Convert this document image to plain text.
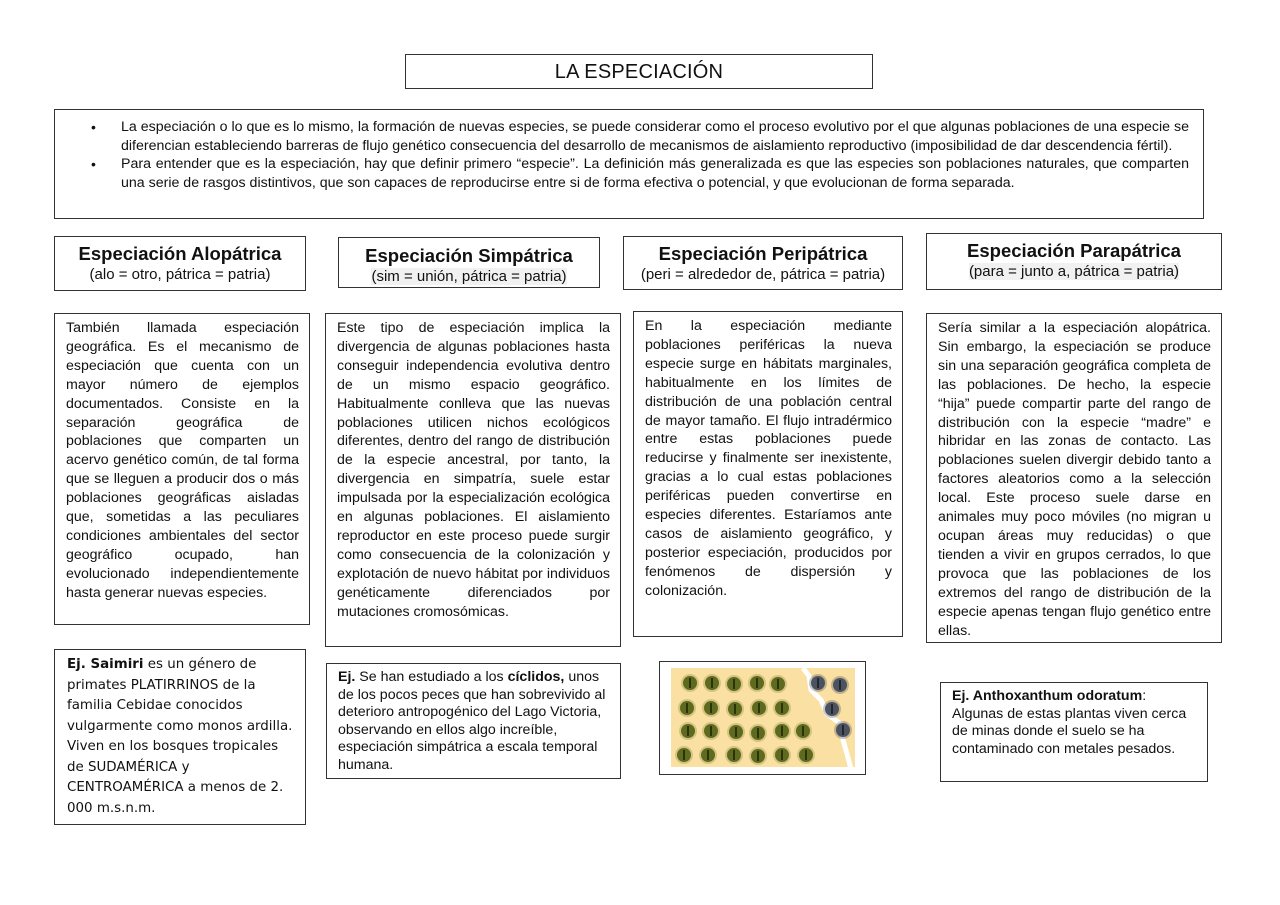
LA ESPECIACIÓN
• La especiación o lo que es lo mismo, la formación de nuevas especies, se puede considerar como el proceso evolutivo por el que algunas poblaciones de una especie se diferencian estableciendo barreras de flujo genético consecuencia del desarrollo de mecanismos de aislamiento reproductivo (imposibilidad de dar descendencia fértil).
• Para entender que es la especiación, hay que definir primero “especie”. La definición más generalizada es que las especies son poblaciones naturales, que comparten una serie de rasgos distintivos, que son capaces de reproducirse entre si de forma efectiva o potencial, y que evolucionan de forma separada.
Especiación Alopátrica
(alo = otro, pátrica = patria)
Especiación Simpátrica
(sim = unión, pátrica = patria)
Especiación Peripátrica
(peri = alrededor de, pátrica = patria)
Especiación Parapátrica
(para = junto a, pátrica = patria)

También llamada especiación geográfica. Es el mecanismo de especiación que cuenta con un mayor número de ejemplos documentados. Consiste en la separación geográfica de poblaciones que comparten un acervo genético común, de tal forma que se lleguen a producir dos o más poblaciones geográficas aisladas que, sometidas a las peculiares condiciones ambientales del sector geográfico ocupado, han evolucionado independientemente hasta generar nuevas especies.

Este tipo de especiación implica la divergencia de algunas poblaciones hasta conseguir independencia evolutiva dentro de un mismo espacio geográfico. Habitualmente conlleva que las nuevas poblaciones utilicen nichos ecológicos diferentes, dentro del rango de distribución de la especie ancestral, por tanto, la divergencia en simpatría, suele estar impulsada por la especialización ecológica en algunas poblaciones. El aislamiento reproductor en este proceso puede surgir como consecuencia de la colonización y explotación de nuevo hábitat por individuos genéticamente diferenciados por mutaciones cromosómicas.

En la especiación mediante poblaciones periféricas la nueva especie surge en hábitats marginales, habitualmente en los límites de distribución de una población central de mayor tamaño. El flujo intradérmico entre estas poblaciones puede reducirse y finalmente ser inexistente, gracias a lo cual estas poblaciones periféricas pueden convertirse en especies diferentes. Estaríamos ante casos de aislamiento geográfico, y posterior especiación, producidos por fenómenos de dispersión y colonización.

Sería similar a la especiación alopátrica. Sin embargo, la especiación se produce sin una separación geográfica completa de las poblaciones. De hecho, la especie “hija” puede compartir parte del rango de distribución con la especie “madre” e hibridar en las zonas de contacto. Las poblaciones suelen divergir debido tanto a factores aleatorios como a la selección local. Este proceso suele darse en animales muy poco móviles (no migran u ocupan áreas muy reducidas) o que tienden a vivir en grupos cerrados, lo que provoca que las poblaciones de los extremos del rango de distribución de la especie apenas tengan flujo genético entre ellas.

Ej. Saimiri es un género de primates PLATIRRINOS de la familia Cebidae conocidos vulgarmente como monos ardilla. Viven en los bosques tropicales de SUDAMÉRICA y CENTROAMÉRICA a menos de 2. 000 m.s.n.m.
Ej. Se han estudiado a los cíclidos, unos de los pocos peces que han sobrevivido al deterioro antropogénico del Lago Victoria, observando en ellos algo increíble, especiación simpátrica a escala temporal humana.
Ej. Anthoxanthum odoratum: Algunas de estas plantas viven cerca de minas donde el suelo se ha contaminado con metales pesados.
